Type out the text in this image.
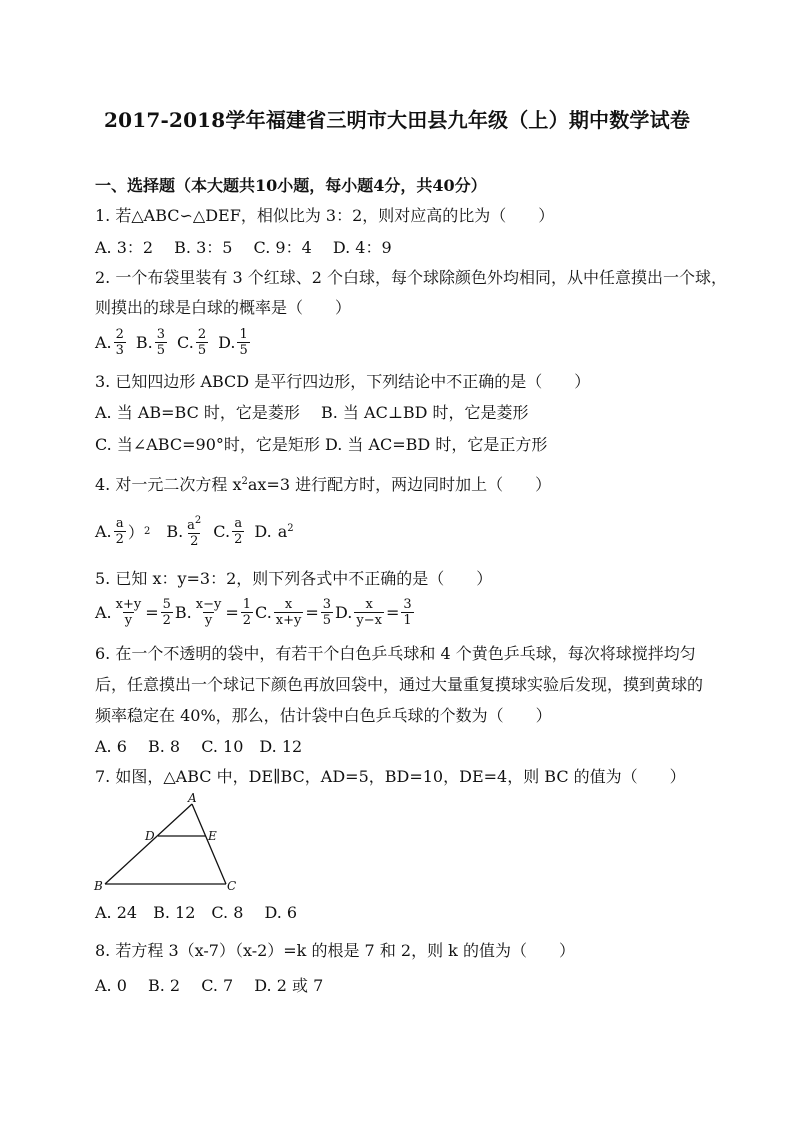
2017-2018学年福建省三明市大田县九年级（上）期中数学试卷
一、选择题（本大题共10小题，每小题4分，共40分）
1. 若△ABC∽△DEF，相似比为 3：2，则对应高的比为（　　）
A. 3：2　 B. 3：5　 C. 9：4　 D. 4：9
2. 一个布袋里装有 3 个红球、2 个白球，每个球除颜色外均相同，从中任意摸出一个球，
则摸出的球是白球的概率是（　　）
A. $\frac{2}{3} B$. $\frac{3}{5} C$. $\frac{2}{5} D$. $\frac{1}{5}$
3. 已知四边形 ABCD 是平行四边形，下列结论中不正确的是（　　）
A. 当 AB=BC 时，它是菱形　 B. 当 AC⊥BD 时，它是菱形
C. 当∠ABC=90°时，它是矩形 D. 当 AC=BD 时，它是正方形
4. 对一元二次方程 $x^2ax=3$ 进行配方时，两边同时加上（　　）
A. $\frac{a}{2}$ ） 2 B. $\frac{a^2}{2} C$. $\frac{a}{2} D$. $a^2$
5. 已知 x：y=3：2，则下列各式中不正确的是（　　）
A. $\frac{x+y}{y} = \frac{5}{2} B$. $\frac{x-y}{y} = \frac{1}{2} C$. $\frac{x}{x+y} = \frac{3}{5} D$. $\frac{x}{y-x} = \frac{3}{1}$
6. 在一个不透明的袋中，有若干个白色乒乓球和 4 个黄色乒乓球，每次将球搅拌均匀
后，任意摸出一个球记下颜色再放回袋中，通过大量重复摸球实验后发现，摸到黄球的
频率稳定在 40%，那么，估计袋中白色乒乓球的个数为（　　）
A. 6　 B. 8　 C. 10　D. 12
7. 如图，△ABC 中，DE∥BC，AD=5，BD=10，DE=4，则 BC 的值为（　　）
A
D	E
B	C
A. 24　B. 12　C. 8　 D. 6
8. 若方程 3（x-7）（x-2）=k 的根是 7 和 2，则 k 的值为（　　）
A. 0　 B. 2　 C. 7　 D. 2 或 7
